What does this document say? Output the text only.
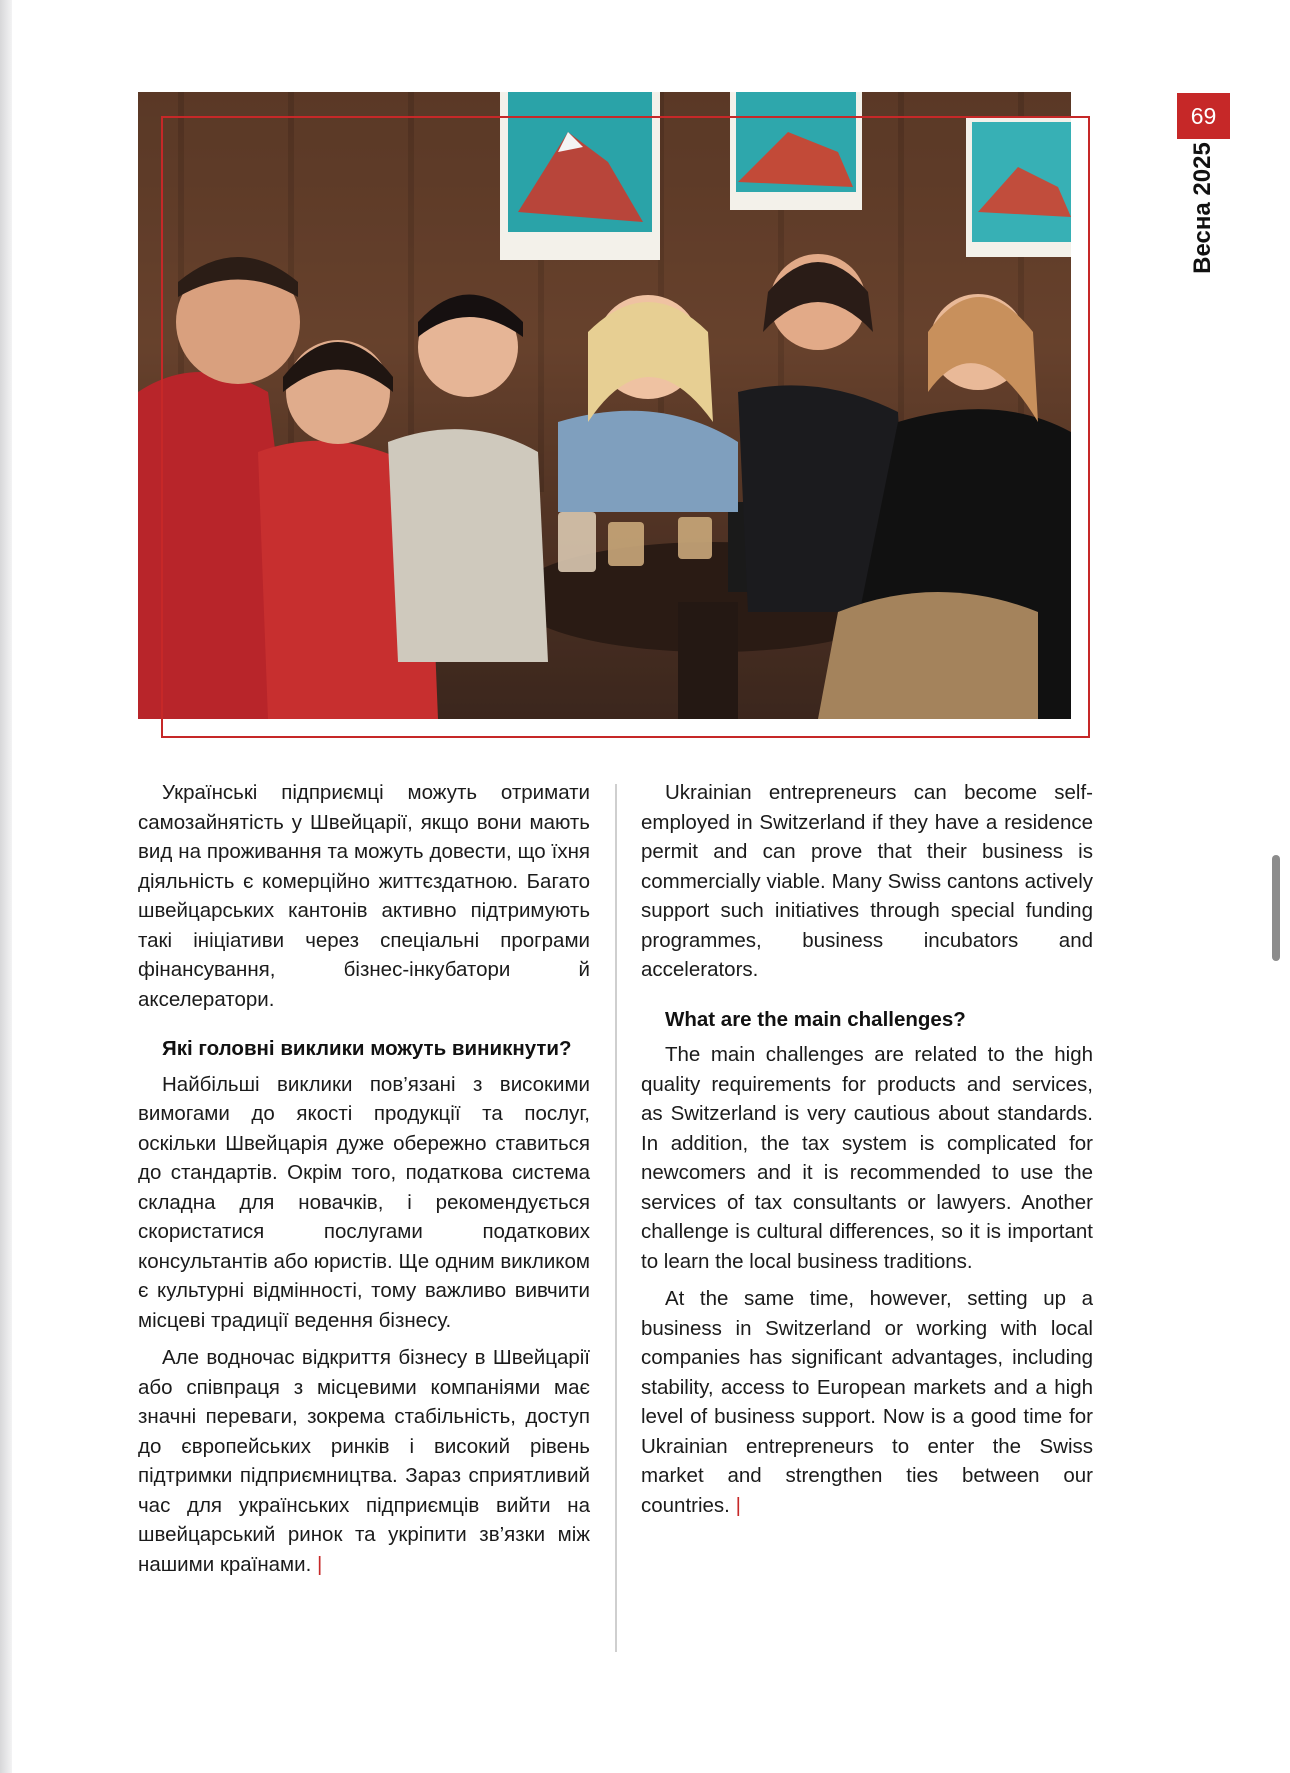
69
Весна 2025

Українські підприємці можуть отримати самозайнятість у Швейцарії, якщо вони мають вид на проживання та можуть довести, що їхня діяльність є комерційно життєздатною. Багато швейцарських кантонів активно підтримують такі ініціативи через спеціальні програми фінансування, бізнес-інкубатори й акселератори.

Які головні виклики можуть виникнути?

Найбільші виклики пов’язані з високими вимогами до якості продукції та послуг, оскільки Швейцарія дуже обережно ставиться до стандартів. Окрім того, податкова система складна для новачків, і рекомендується скористатися послугами податкових консультантів або юристів. Ще одним викликом є культурні відмінності, тому важливо вивчити місцеві традиції ведення бізнесу.

Але водночас відкриття бізнесу в Швейцарії або співпраця з місцевими компаніями має значні переваги, зокрема стабільність, доступ до європейських ринків і високий рівень підтримки підприємництва. Зараз сприятливий час для українських підприємців вийти на швейцарський ринок та укріпити зв’язки між нашими країнами. |

Ukrainian entrepreneurs can become self-employed in Switzerland if they have a residence permit and can prove that their business is commercially viable. Many Swiss cantons actively support such initiatives through special funding programmes, business incubators and accelerators.

What are the main challenges?

The main challenges are related to the high quality requirements for products and services, as Switzerland is very cautious about standards. In addition, the tax system is complicated for newcomers and it is recommended to use the services of tax consultants or lawyers. Another challenge is cultural differences, so it is important to learn the local business traditions.

At the same time, however, setting up a business in Switzerland or working with local companies has significant advantages, including stability, access to European markets and a high level of business support. Now is a good time for Ukrainian entrepreneurs to enter the Swiss market and strengthen ties between our countries. |
